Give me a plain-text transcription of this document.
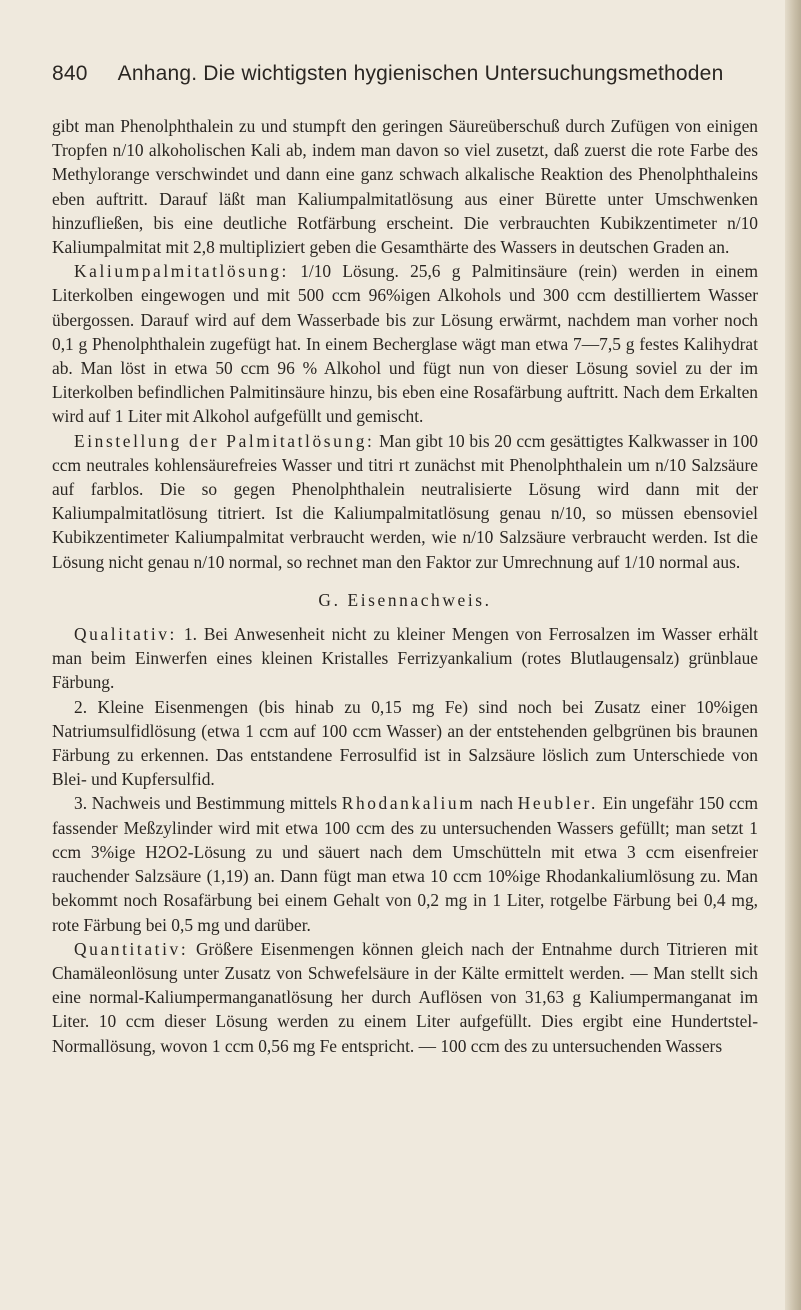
840 Anhang. Die wichtigsten hygienischen Untersuchungsmethoden

gibt man Phenolphthalein zu und stumpft den geringen Säureüberschuß durch Zufügen von einigen Tropfen n/10 alkoholischen Kali ab, indem man davon so viel zusetzt, daß zuerst die rote Farbe des Methylorange verschwindet und dann eine ganz schwach alkalische Reaktion des Phenolphthaleins eben auftritt. Darauf läßt man Kaliumpalmitatlösung aus einer Bürette unter Umschwenken hinzufließen, bis eine deutliche Rotfärbung erscheint. Die verbrauchten Kubikzentimeter n/10 Kaliumpalmitat mit 2,8 multipliziert geben die Gesamthärte des Wassers in deutschen Graden an.

Kaliumpalmitatlösung: 1/10 Lösung. 25,6 g Palmitinsäure (rein) werden in einem Literkolben eingewogen und mit 500 ccm 96%igen Alkohols und 300 ccm destilliertem Wasser übergossen. Darauf wird auf dem Wasserbade bis zur Lösung erwärmt, nachdem man vorher noch 0,1 g Phenolphthalein zugefügt hat. In einem Becherglase wägt man etwa 7—7,5 g festes Kalihydrat ab. Man löst in etwa 50 ccm 96 % Alkohol und fügt nun von dieser Lösung soviel zu der im Literkolben befindlichen Palmitinsäure hinzu, bis eben eine Rosafärbung auftritt. Nach dem Erkalten wird auf 1 Liter mit Alkohol aufgefüllt und gemischt.

Einstellung der Palmitatlösung: Man gibt 10 bis 20 ccm gesättigtes Kalkwasser in 100 ccm neutrales kohlensäurefreies Wasser und titri rt zunächst mit Phenolphthalein um n/10 Salzsäure auf farblos. Die so gegen Phenolphthalein neutralisierte Lösung wird dann mit der Kaliumpalmitatlösung titriert. Ist die Kaliumpalmitatlösung genau n/10, so müssen ebensoviel Kubikzentimeter Kaliumpalmitat verbraucht werden, wie n/10 Salzsäure verbraucht werden. Ist die Lösung nicht genau n/10 normal, so rechnet man den Faktor zur Umrechnung auf 1/10 normal aus.

G. Eisennachweis.

Qualitativ: 1. Bei Anwesenheit nicht zu kleiner Mengen von Ferrosalzen im Wasser erhält man beim Einwerfen eines kleinen Kristalles Ferrizyankalium (rotes Blutlaugensalz) grünblaue Färbung.

2. Kleine Eisenmengen (bis hinab zu 0,15 mg Fe) sind noch bei Zusatz einer 10%igen Natriumsulfidlösung (etwa 1 ccm auf 100 ccm Wasser) an der entstehenden gelbgrünen bis braunen Färbung zu erkennen. Das entstandene Ferrosulfid ist in Salzsäure löslich zum Unterschiede von Blei- und Kupfersulfid.

3. Nachweis und Bestimmung mittels Rhodankalium nach Heubler. Ein ungefähr 150 ccm fassender Meßzylinder wird mit etwa 100 ccm des zu untersuchenden Wassers gefüllt; man setzt 1 ccm 3%ige H2O2-Lösung zu und säuert nach dem Umschütteln mit etwa 3 ccm eisenfreier rauchender Salzsäure (1,19) an. Dann fügt man etwa 10 ccm 10%ige Rhodankaliumlösung zu. Man bekommt noch Rosafärbung bei einem Gehalt von 0,2 mg in 1 Liter, rotgelbe Färbung bei 0,4 mg, rote Färbung bei 0,5 mg und darüber.

Quantitativ: Größere Eisenmengen können gleich nach der Entnahme durch Titrieren mit Chamäleonlösung unter Zusatz von Schwefelsäure in der Kälte ermittelt werden. — Man stellt sich eine normal-Kaliumpermanganatlösung her durch Auflösen von 31,63 g Kaliumpermanganat im Liter. 10 ccm dieser Lösung werden zu einem Liter aufgefüllt. Dies ergibt eine Hundertstel-Normallösung, wovon 1 ccm 0,56 mg Fe entspricht. — 100 ccm des zu untersuchenden Wassers
